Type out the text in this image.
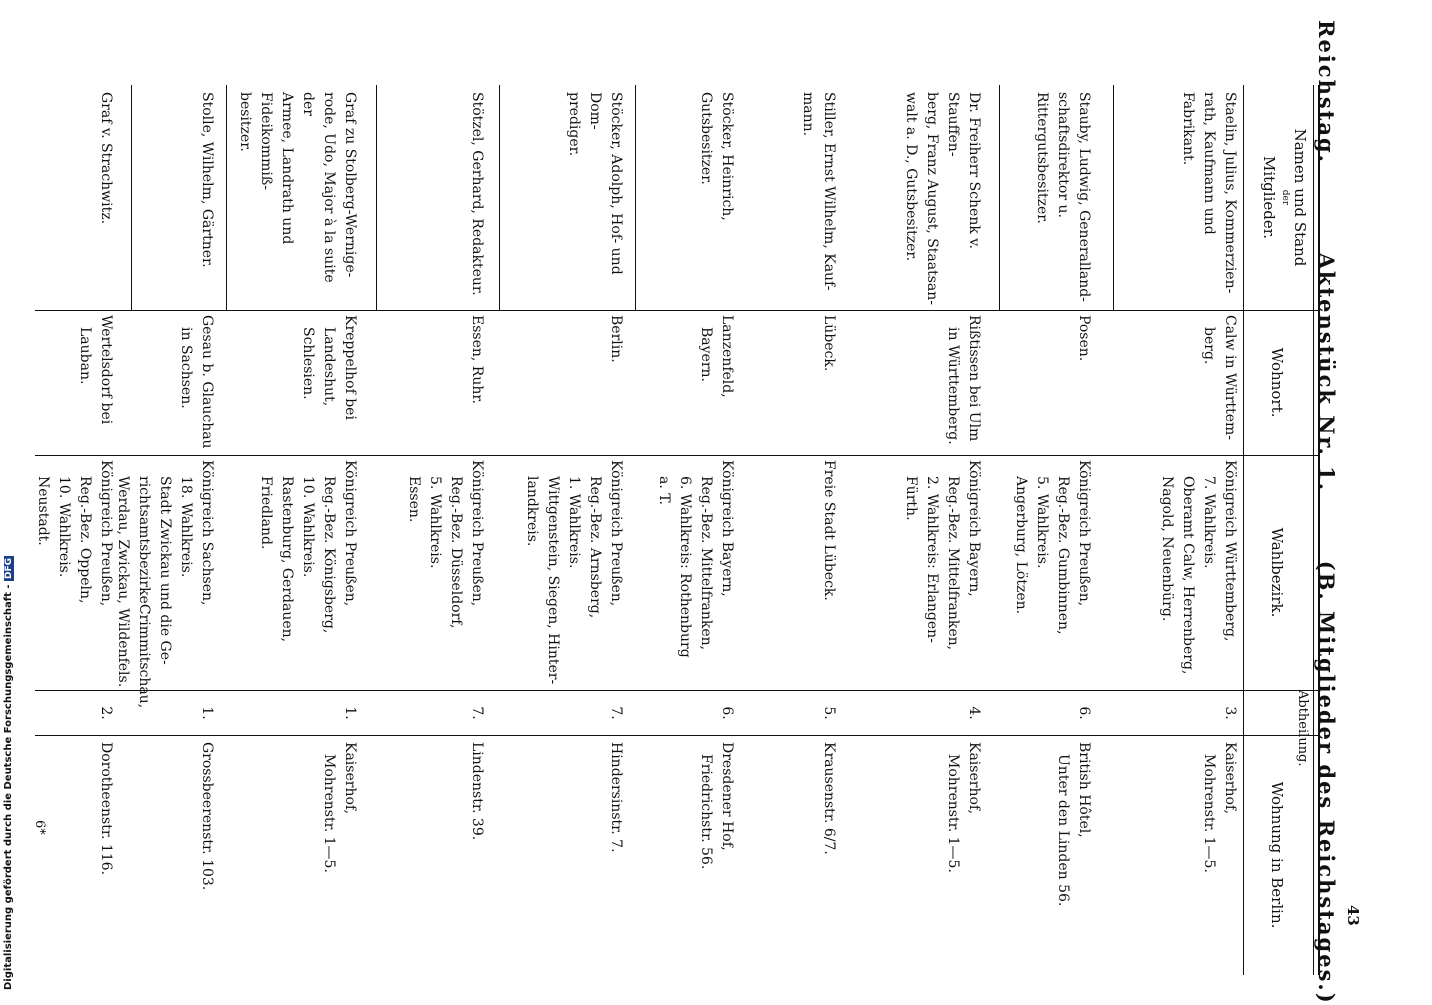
Reichstag.  Aktenstück Nr. 1.  (B. Mitglieder des Reichstages.) 43
Namen und Stand
der
Mitglieder.
Wohnort.
Wahlbezirk.
Abtheilung.
Wohnung in Berlin.
Staelin, Julius, Kommerzien-
rath, Kaufmann und Fabrikant.
Calw in Württem-
berg.
Königreich Württemberg,
7. Wahlkreis.
Oberamt Calw, Herrenberg,
Nagold, Neuenbürg.
3.
Kaiserhof,
Mohrenstr. 1—5.
Stauby, Ludwig, Generalland-
schaftsdirektor u. Rittergutsbesitzer.
Posen.
Königreich Preußen,
Reg.-Bez. Gumbinnen,
5. Wahlkreis.
Angerburg, Lötzen.
6.
British Hôtel,
Unter den Linden 56.
Dr. Freiherr Schenk v. Stauffen-
berg, Franz August, Staatsan-
walt a. D., Gutsbesitzer.
Rißtissen bei Ulm
in Württemberg.
Königreich Bayern,
Reg.-Bez. Mittelfranken,
2. Wahlkreis: Erlangen-
Fürth.
4.
Kaiserhof,
Mohrenstr. 1—5.
Stiller, Ernst Wilhelm, Kauf-
mann.
Lübeck.
Freie Stadt Lübeck.
5.
Krausenstr. 6/7.
Stöcker, Heinrich, Gutsbesitzer.
Lanzenfeld,
Bayern.
Königreich Bayern,
Reg.-Bez. Mittelfranken,
6. Wahlkreis: Rothenburg
a. T.
6.
Dresdener Hof,
Friedrichstr. 56.
Stöcker, Adolph, Hof- und Dom-
prediger.
Berlin.
Königreich Preußen,
Reg.-Bez. Arnsberg,
1. Wahlkreis.
Wittgenstein, Siegen, Hinter-
landkreis.
7.
Hindersinstr. 7.
Stötzel, Gerhard, Redakteur.
Essen, Ruhr.
Königreich Preußen,
Reg.-Bez. Düsseldorf,
5. Wahlkreis.
Essen.
7.
Lindenstr. 39.
Graf zu Stolberg-Wernige-
rode, Udo, Major à la suite der
Armee, Landrath und Fideikommiß-
besitzer.
Kreppelhof bei
Landeshut,
Schlesien.
Königreich Preußen,
Reg.-Bez. Königsberg,
10. Wahlkreis.
Rastenburg, Gerdauen,
Friedland.
1.
Kaiserhof,
Mohrenstr. 1—5.
Stolle, Wilhelm, Gärtner.
Gesau b. Glauchau
in Sachsen.
Königreich Sachsen,
18. Wahlkreis.
Stadt Zwickau und die Ge-
richtsamtsbezirkeCrimmitschau,
Werdau, Zwickau, Wildenfels.
1.
Grossbeerenstr. 103.
Graf v. Strachwitz.
Wertelsdorf bei
Lauban.
Königreich Preußen,
Reg.-Bez. Oppeln,
10. Wahlkreis.
Neustadt.
2.
Dorotheenstr. 116.
6*
Digitalisierung gefördert durch die Deutsche Forschungsgemeinschaft - DFG
